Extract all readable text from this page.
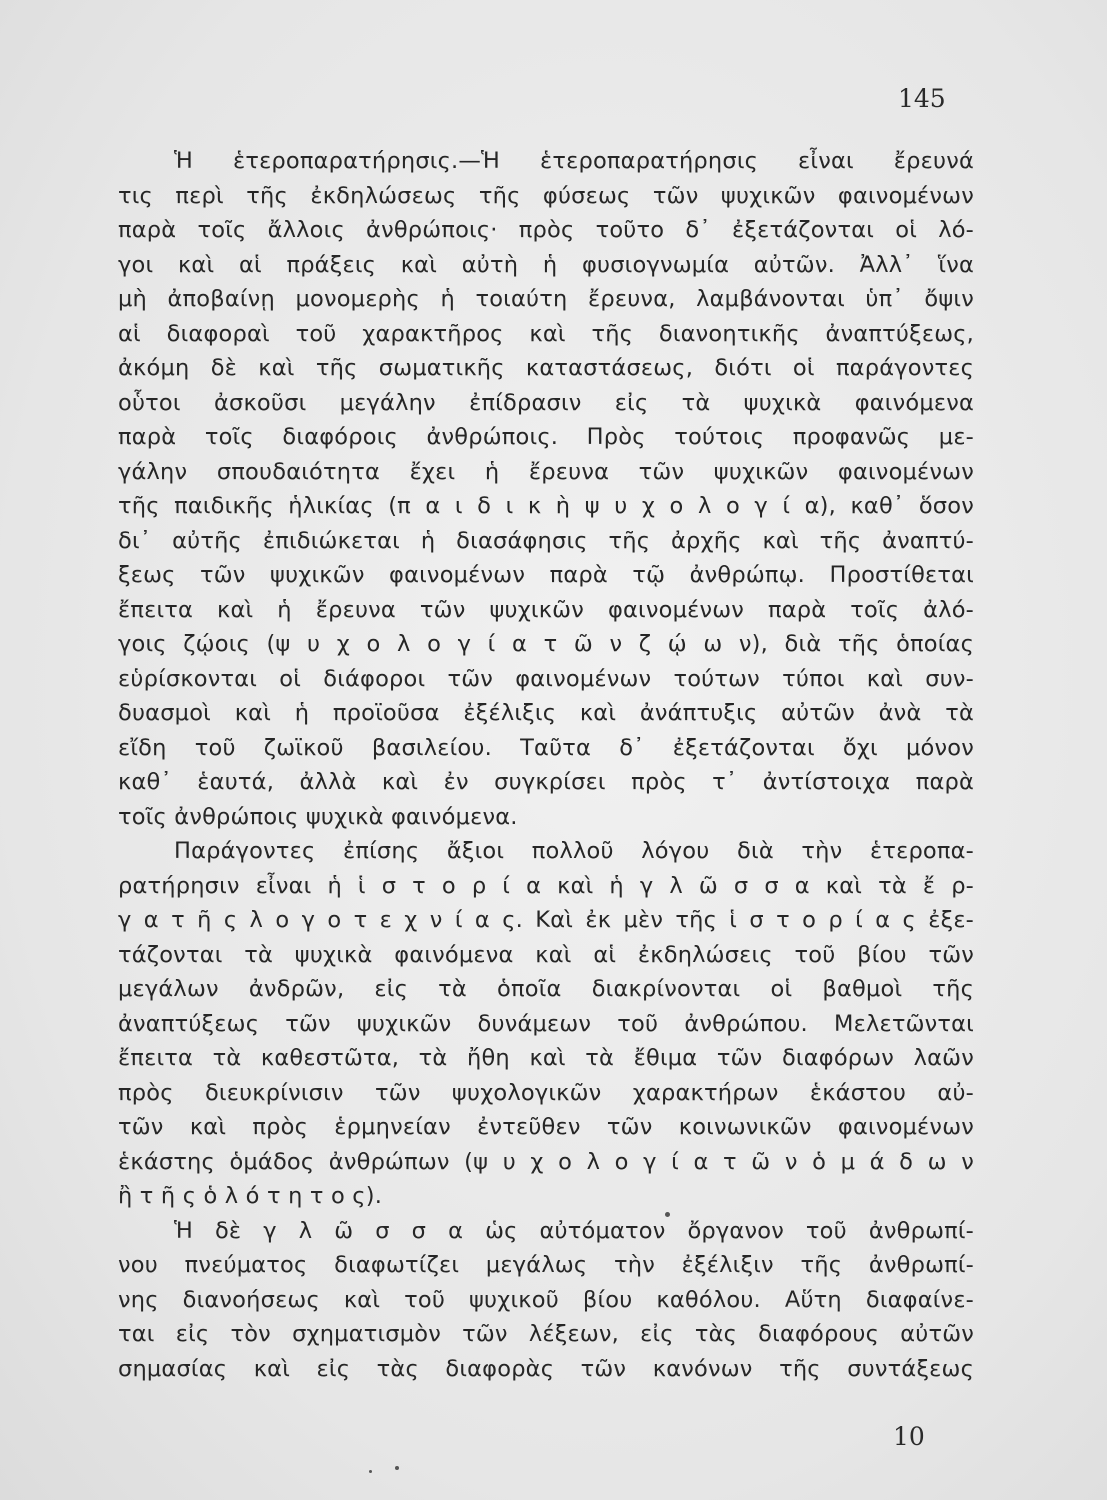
145
Ἡ ἑτεροπαρατήρησις.—Ἡ ἑτεροπαρατήρησις εἶναι ἔρευνά
τις περὶ τῆς ἐκδηλώσεως τῆς φύσεως τῶν ψυχικῶν φαινομένων
παρὰ τοῖς ἄλλοις ἀνθρώποις· πρὸς τοῦτο δ᾽ ἐξετάζονται οἱ λό-
γοι καὶ αἱ πράξεις καὶ αὐτὴ ἡ φυσιογνωμία αὐτῶν. Ἀλλ᾽ ἵνα
μὴ ἀποβαίνῃ μονομερὴς ἡ τοιαύτη ἔρευνα, λαμβάνονται ὑπ᾽ ὄψιν
αἱ διαφοραὶ τοῦ χαρακτῆρος καὶ τῆς διανοητικῆς ἀναπτύξεως,
ἀκόμη δὲ καὶ τῆς σωματικῆς καταστάσεως, διότι οἱ παράγοντες
οὗτοι ἀσκοῦσι μεγάλην ἐπίδρασιν εἰς τὰ ψυχικὰ φαινόμενα
παρὰ τοῖς διαφόροις ἀνθρώποις. Πρὸς τούτοις προφανῶς με-
γάλην σπουδαιότητα ἔχει ἡ ἔρευνα τῶν ψυχικῶν φαινομένων
τῆς παιδικῆς ἡλικίας (π α ι δ ι κ ὴ ψ υ χ ο λ ο γ ί α), καθ᾽ ὅσον
δι᾽ αὐτῆς ἐπιδιώκεται ἡ διασάφησις τῆς ἀρχῆς καὶ τῆς ἀναπτύ-
ξεως τῶν ψυχικῶν φαινομένων παρὰ τῷ ἀνθρώπῳ. Προστίθεται
ἔπειτα καὶ ἡ ἔρευνα τῶν ψυχικῶν φαινομένων παρὰ τοῖς ἀλό-
γοις ζῴοις (ψ υ χ ο λ ο γ ί α τ ῶ ν ζ ῴ ω ν), διὰ τῆς ὁποίας
εὑρίσκονται οἱ διάφοροι τῶν φαινομένων τούτων τύποι καὶ συν-
δυασμοὶ καὶ ἡ προϊοῦσα ἐξέλιξις καὶ ἀνάπτυξις αὐτῶν ἀνὰ τὰ
εἴδη τοῦ ζωϊκοῦ βασιλείου. Ταῦτα δ᾽ ἐξετάζονται ὄχι μόνον
καθ᾽ ἑαυτά, ἀλλὰ καὶ ἐν συγκρίσει πρὸς τ᾽ ἀντίστοιχα παρὰ
τοῖς ἀνθρώποις ψυχικὰ φαινόμενα.
Παράγοντες ἐπίσης ἄξιοι πολλοῦ λόγου διὰ τὴν ἑτεροπα-
ρατήρησιν εἶναι ἡ ἱ σ τ ο ρ ί α καὶ ἡ γ λ ῶ σ σ α καὶ τὰ ἔ ρ-
γ α τ ῆ ς λ ο γ ο τ ε χ ν ί α ς. Καὶ ἐκ μὲν τῆς ἱ σ τ ο ρ ί α ς ἐξε-
τάζονται τὰ ψυχικὰ φαινόμενα καὶ αἱ ἐκδηλώσεις τοῦ βίου τῶν
μεγάλων ἀνδρῶν, εἰς τὰ ὁποῖα διακρίνονται οἱ βαθμοὶ τῆς
ἀναπτύξεως τῶν ψυχικῶν δυνάμεων τοῦ ἀνθρώπου. Μελετῶνται
ἔπειτα τὰ καθεστῶτα, τὰ ἤθη καὶ τὰ ἔθιμα τῶν διαφόρων λαῶν
πρὸς διευκρίνισιν τῶν ψυχολογικῶν χαρακτήρων ἑκάστου αὐ-
τῶν καὶ πρὸς ἑρμηνείαν ἐντεῦθεν τῶν κοινωνικῶν φαινομένων
ἑκάστης ὁμάδος ἀνθρώπων (ψ υ χ ο λ ο γ ί α τ ῶ ν ὁ μ ά δ ω ν
ἢ τ ῆ ς ὁ λ ό τ η τ ο ς).
Ἡ δὲ γ λ ῶ σ σ α ὡς αὐτόματον ὄργανον τοῦ ἀνθρωπί-
νου πνεύματος διαφωτίζει μεγάλως τὴν ἐξέλιξιν τῆς ἀνθρωπί-
νης διανοήσεως καὶ τοῦ ψυχικοῦ βίου καθόλου. Αὕτη διαφαίνε-
ται εἰς τὸν σχηματισμὸν τῶν λέξεων, εἰς τὰς διαφόρους αὐτῶν
σημασίας καὶ εἰς τὰς διαφορὰς τῶν κανόνων τῆς συντάξεως
10
